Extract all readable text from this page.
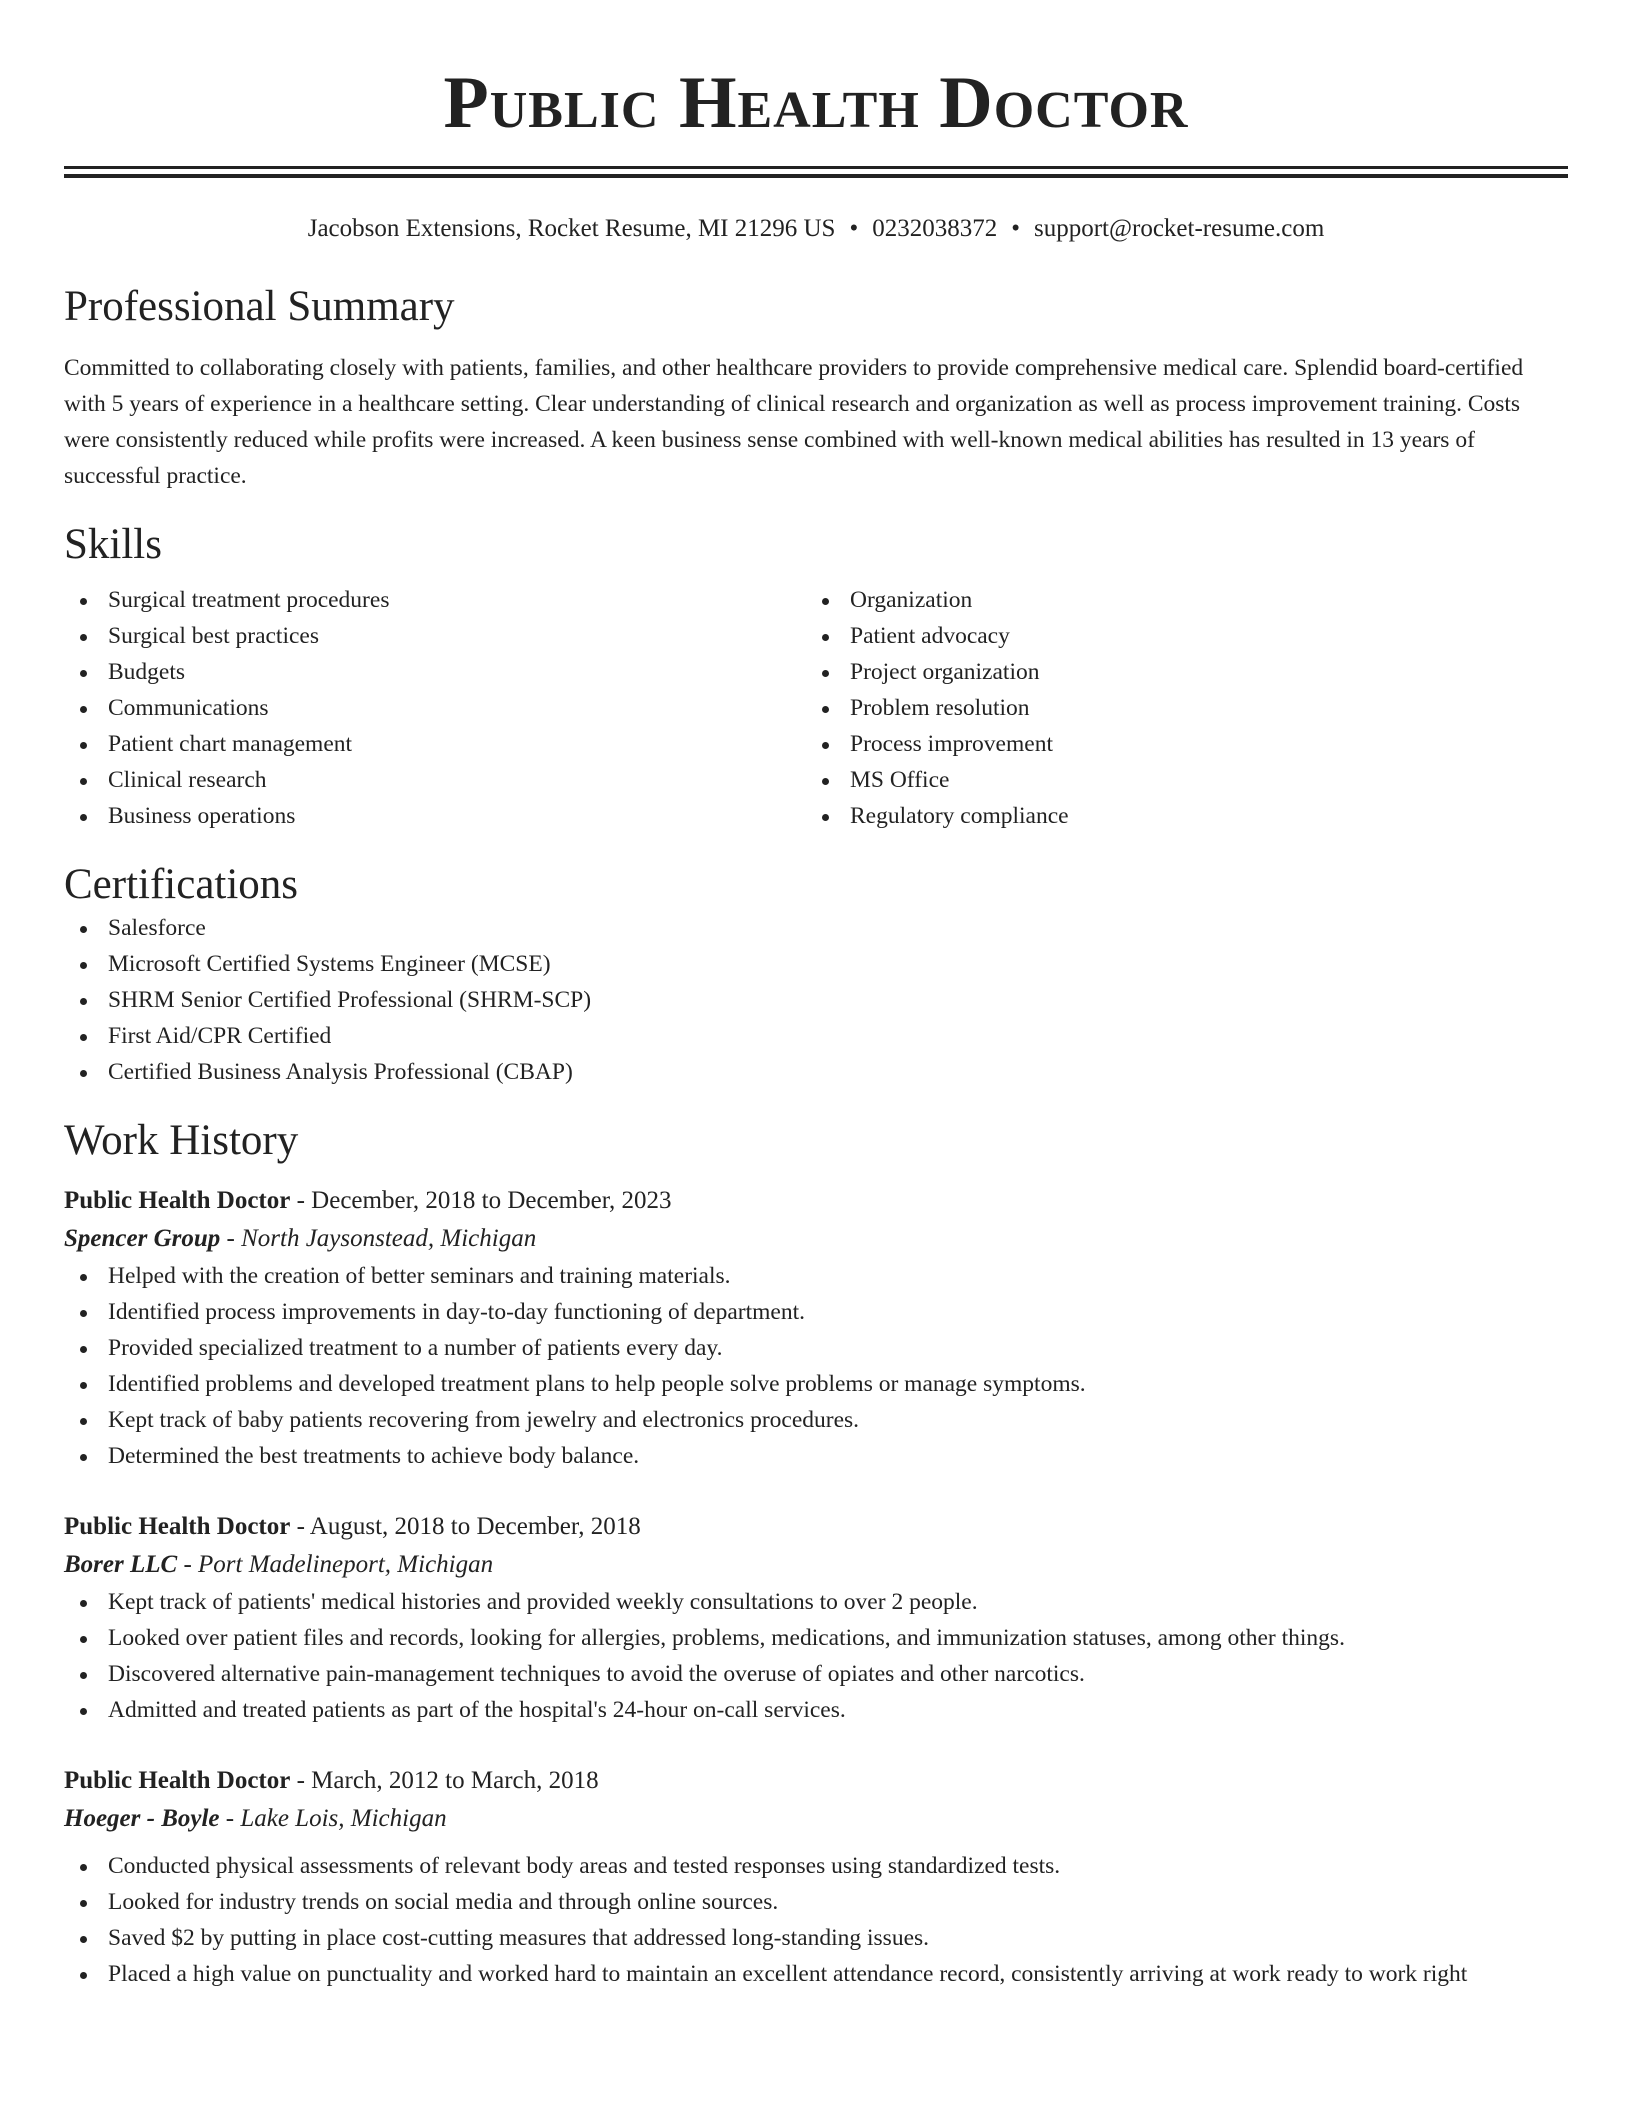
Public Health Doctor
Jacobson Extensions, Rocket Resume, MI 21296 US • 0232038372 • support@rocket-resume.com
Professional Summary
Committed to collaborating closely with patients, families, and other healthcare providers to provide comprehensive medical care. Splendid board-certified with 5 years of experience in a healthcare setting. Clear understanding of clinical research and organization as well as process improvement training. Costs were consistently reduced while profits were increased. A keen business sense combined with well-known medical abilities has resulted in 13 years of successful practice.
Skills
Surgical treatment procedures
Surgical best practices
Budgets
Communications
Patient chart management
Clinical research
Business operations
Organization
Patient advocacy
Project organization
Problem resolution
Process improvement
MS Office
Regulatory compliance
Certifications
Salesforce
Microsoft Certified Systems Engineer (MCSE)
SHRM Senior Certified Professional (SHRM-SCP)
First Aid/CPR Certified
Certified Business Analysis Professional (CBAP)
Work History
Public Health Doctor - December, 2018 to December, 2023
Spencer Group - North Jaysonstead, Michigan
Helped with the creation of better seminars and training materials.
Identified process improvements in day-to-day functioning of department.
Provided specialized treatment to a number of patients every day.
Identified problems and developed treatment plans to help people solve problems or manage symptoms.
Kept track of baby patients recovering from jewelry and electronics procedures.
Determined the best treatments to achieve body balance.
Public Health Doctor - August, 2018 to December, 2018
Borer LLC - Port Madelineport, Michigan
Kept track of patients' medical histories and provided weekly consultations to over 2 people.
Looked over patient files and records, looking for allergies, problems, medications, and immunization statuses, among other things.
Discovered alternative pain-management techniques to avoid the overuse of opiates and other narcotics.
Admitted and treated patients as part of the hospital's 24-hour on-call services.
Public Health Doctor - March, 2012 to March, 2018
Hoeger - Boyle - Lake Lois, Michigan
Conducted physical assessments of relevant body areas and tested responses using standardized tests.
Looked for industry trends on social media and through online sources.
Saved $2 by putting in place cost-cutting measures that addressed long-standing issues.
Placed a high value on punctuality and worked hard to maintain an excellent attendance record, consistently arriving at work ready to work right
